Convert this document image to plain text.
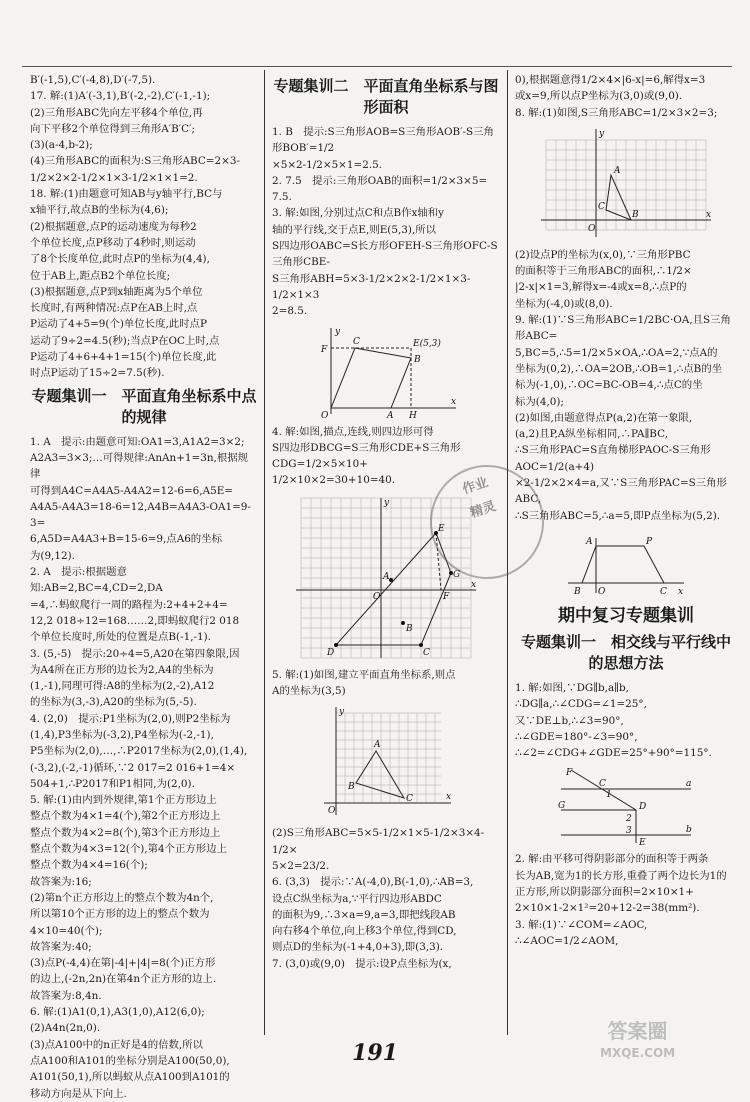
B′(-1,5),C′(-4,8),D′(-7,5).

17. 解:(1)A′(-3,1),B′(-2,-2),C′(-1,-1);

(2)三角形ABC先向左平移4个单位,再

向下平移2个单位得到三角形A′B′C′;

(3)(a-4,b-2);

(4)三角形ABC的面积为:S三角形ABC=2×3-

1/2×2×2-1/2×1×3-1/2×1×1=2.

18. 解:(1)由题意可知AB与y轴平行,BC与

x轴平行,故点B的坐标为(4,6);

(2)根据题意,点P的运动速度为每秒2

个单位长度,点P移动了4秒时,则运动

了8个长度单位,此时点P的坐标为(4,4),

位于AB上,距点B2个单位长度;

(3)根据题意,点P到x轴距离为5个单位

长度时,有两种情况:点P在AB上时,点

P运动了4+5=9(个)单位长度,此时点P

运动了9÷2=4.5(秒);当点P在OC上时,点

P运动了4+6+4+1=15(个)单位长度,此

时点P运动了15÷2=7.5(秒).

专题集训一　平面直角坐标系中点的规律

1. A　提示:由题意可知:OA1=3,A1A2=3×2;

A2A3=3×3;…可得规律:AnAn+1=3n,根据规律

可得到A4C=A4A5-A4A2=12-6=6,A5E=

A4A5-A4A3=18-6=12,A4B=A4A3-OA1=9-3=

6,A5D=A4A3+B=15-6=9,点A6的坐标

为(9,12).

2. A　提示:根据题意知:AB=2,BC=4,CD=2,DA

=4,∴蚂蚁爬行一周的路程为:2+4+2+4=

12,2 018÷12=168……2,即蚂蚁爬行2 018

个单位长度时,所处的位置是点B(-1,-1).

3. (5,-5)　提示:20÷4=5,A20在第四象限,因

为A4所在正方形的边长为2,A4的坐标为

(1,-1),同理可得:A8的坐标为(2,-2),A12

的坐标为(3,-3),A20的坐标为(5,-5).

4. (2,0)　提示:P1坐标为(2,0),则P2坐标为

(1,4),P3坐标为(-3,2),P4坐标为(-2,-1),

P5坐标为(2,0),…,∴P2017坐标为(2,0),(1,4),

(-3,2),(-2,-1)循环,∵2 017=2 016+1=4×

504+1,∴P2017和P1相同,为(2,0).

5. 解:(1)由内到外规律,第1个正方形边上

整点个数为4×1=4(个),第2个正方形边上

整点个数为4×2=8(个),第3个正方形边上

整点个数为4×3=12(个),第4个正方形边上

整点个数为4×4=16(个);

故答案为:16;

(2)第n个正方形边上的整点个数为4n个,

所以第10个正方形的边上的整点个数为

4×10=40(个);

故答案为:40;

(3)点P(-4,4)在第|-4|+|4|=8(个)正方形

的边上,(-2n,2n)在第4n个正方形的边上.

故答案为:8,4n.

6. 解:(1)A1(0,1),A3(1,0),A12(6,0);

(2)A4n(2n,0).

(3)点A100中的n正好是4的倍数,所以

点A100和A101的坐标分别是A100(50,0),

A101(50,1),所以蚂蚁从点A100到A101的

移动方向是从下向上.

专题集训二　平面直角坐标系与图形面积

1. B　提示:S三角形AOB=S三角形AOB′-S三角形BOB′=1/2

×5×2-1/2×5×1=2.5.

2. 7.5　提示:三角形OAB的面积=1/2×3×5=

7.5.

3. 解:如图,分别过点C和点B作x轴和y

轴的平行线,交于点E,则E(5,3),所以

S四边形OABC=S长方形OFEH-S三角形OFC-S三角形CBE-

S三角形ABH=5×3-1/2×2×2-1/2×1×3-1/2×1×3

2=8.5.

F
C	E(5,3)
B
A H
O
x
y

4. 解:如图,描点,连线,则四边形可得

S四边形DBCG=S三角形CDE+S三角形CDG=1/2×5×10+

1/2×10×2=30+10=40.

E
G
C
D
B
A
F
O
x
y

5. 解:(1)如图,建立平面直角坐标系,则点

A的坐标为(3,5)

A
B
C
O
x
y

(2)S三角形ABC=5×5-1/2×1×5-1/2×3×4-1/2×

5×2=23/2.

6. (3,3)　提示:∵A(-4,0),B(-1,0),∴AB=3,

设点C纵坐标为a,∵平行四边形ABDC

的面积为9,∴3×a=9,a=3,即把线段AB

向右移4个单位,向上移3个单位,得到CD,

则点D的坐标为(-1+4,0+3),即(3,3).

7. (3,0)或(9,0)　提示:设P点坐标为(x,

0),根据题意得1/2×4×|6-x|=6,解得x=3

或x=9,所以点P坐标为(3,0)或(9,0).

8. 解:(1)如图,S三角形ABC=1/2×3×2=3;

A
C
B
O
x
y

(2)设点P的坐标为(x,0),∵三角形PBC

的面积等于三角形ABC的面积,∴1/2×

|2-x|×1=3,解得x=-4或x=8,∴点P的

坐标为(-4,0)或(8,0).

9. 解:(1)∵S三角形ABC=1/2BC·OA,且S三角形ABC=

5,BC=5,∴5=1/2×5×OA,∴OA=2,∵点A的

坐标为(0,2),∴OA=2OB,∴OB=1,∴点B的坐

标为(-1,0),∴OC=BC-OB=4,∴点C的坐

标为(4,0);

(2)如图,由题意得点P(a,2)在第一象限,

(a,2)且P,A纵坐标相同,∴PA∥BC,

∴S三角形PAC=S直角梯形PAOC-S三角形AOC=1/2(a+4)

×2-1/2×2×4=a,又∵S三角形PAC=S三角形ABC,

∴S三角形ABC=5,∴a=5,即P点坐标为(5,2).

A	P
B O	C x
期中复习专题集训
专题集训一　相交线与平行线中的思想方法

1. 解:如图,∵DG∥b,a∥b,

∴DG∥a,∴∠CDG=∠1=25°,

又∵DE⊥b,∴∠3=90°,

∴∠GDE=180°-∠3=90°,

∴∠2=∠CDG+∠GDE=25°+90°=115°.

F
C
D
G
E
a
b
1
2
3

2. 解:由平移可得阴影部分的面积等于两条

长为AB,宽为1的长方形,重叠了两个边长为1的

正方形,所以阴影部分面积=2×10×1+

2×10×1-2×1²=20+12-2=38(mm²).

3. 解:(1)∵∠COM=∠AOC,

∴∠AOC=1/2∠AOM,

作业
精灵
191
答案圈
MXQE.COM
